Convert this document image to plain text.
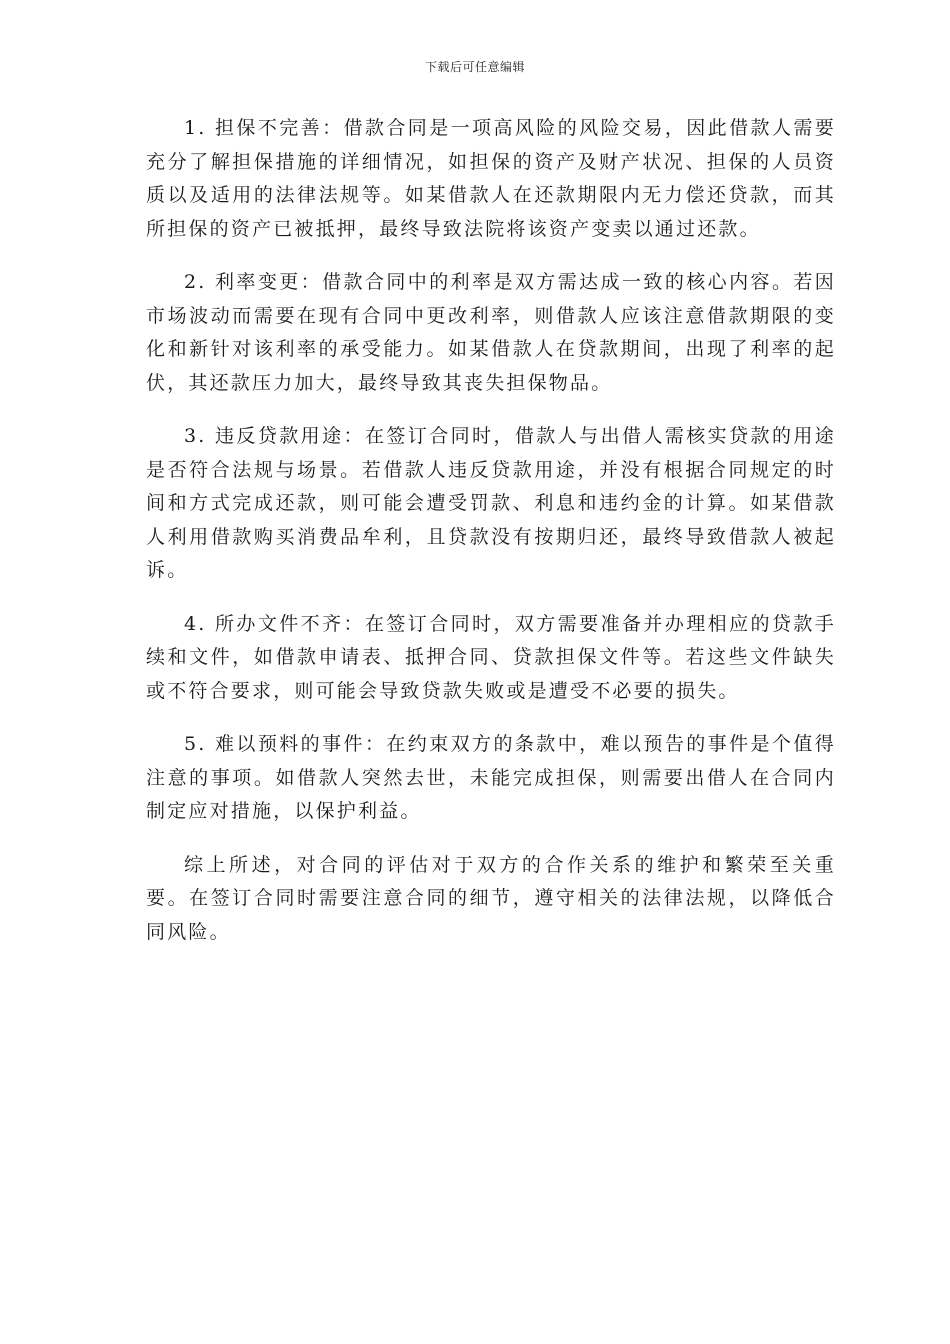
下载后可任意编辑

1. 担保不完善：借款合同是一项高风险的风险交易，因此借款人需要充分了解担保措施的详细情况，如担保的资产及财产状况、担保的人员资质以及适用的法律法规等。如某借款人在还款期限内无力偿还贷款，而其所担保的资产已被抵押，最终导致法院将该资产变卖以通过还款。

2. 利率变更：借款合同中的利率是双方需达成一致的核心内容。若因市场波动而需要在现有合同中更改利率，则借款人应该注意借款期限的变化和新针对该利率的承受能力。如某借款人在贷款期间，出现了利率的起伏，其还款压力加大，最终导致其丧失担保物品。

3. 违反贷款用途：在签订合同时，借款人与出借人需核实贷款的用途是否符合法规与场景。若借款人违反贷款用途，并没有根据合同规定的时间和方式完成还款，则可能会遭受罚款、利息和违约金的计算。如某借款人利用借款购买消费品牟利，且贷款没有按期归还，最终导致借款人被起诉。

4. 所办文件不齐：在签订合同时，双方需要准备并办理相应的贷款手续和文件，如借款申请表、抵押合同、贷款担保文件等。若这些文件缺失或不符合要求，则可能会导致贷款失败或是遭受不必要的损失。

5. 难以预料的事件：在约束双方的条款中，难以预告的事件是个值得注意的事项。如借款人突然去世，未能完成担保，则需要出借人在合同内制定应对措施，以保护利益。

综上所述，对合同的评估对于双方的合作关系的维护和繁荣至关重要。在签订合同时需要注意合同的细节，遵守相关的法律法规，以降低合同风险。
